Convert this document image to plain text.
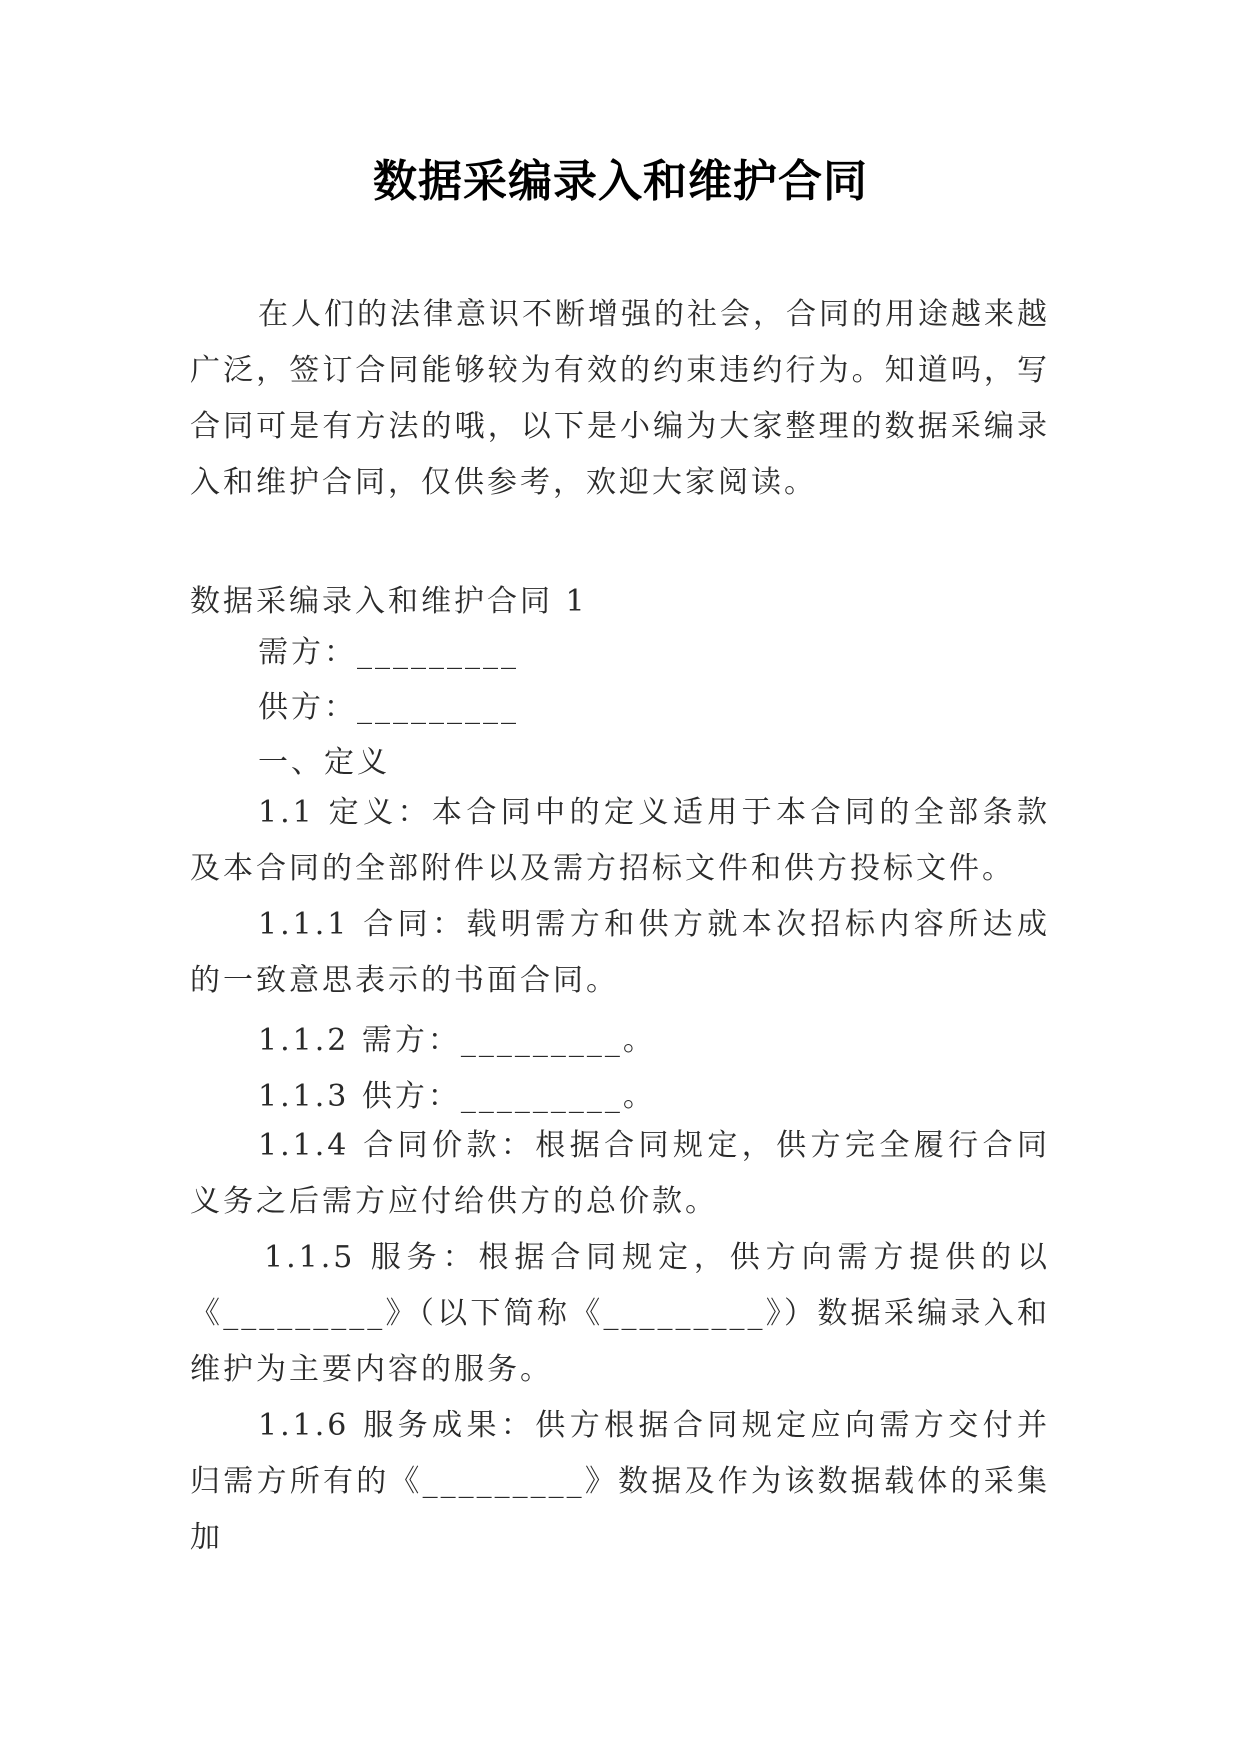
数据采编录入和维护合同
在人们的法律意识不断增强的社会，合同的用途越来越广泛，签订合同能够较为有效的约束违约行为。知道吗，写合同可是有方法的哦，以下是小编为大家整理的数据采编录入和维护合同，仅供参考，欢迎大家阅读。
数据采编录入和维护合同 1
需方：_________
供方：_________
一、定义
1.1 定义：本合同中的定义适用于本合同的全部条款及本合同的全部附件以及需方招标文件和供方投标文件。
1.1.1 合同：载明需方和供方就本次招标内容所达成的一致意思表示的书面合同。
1.1.2 需方：_________。
1.1.3 供方：_________。
1.1.4 合同价款：根据合同规定，供方完全履行合同义务之后需方应付给供方的总价款。
1.1.5 服务：根据合同规定，供方向需方提供的以《_________》（以下简称《_________》）数据采编录入和维护为主要内容的服务。
1.1.6 服务成果：供方根据合同规定应向需方交付并归需方所有的《_________》数据及作为该数据载体的采集加
